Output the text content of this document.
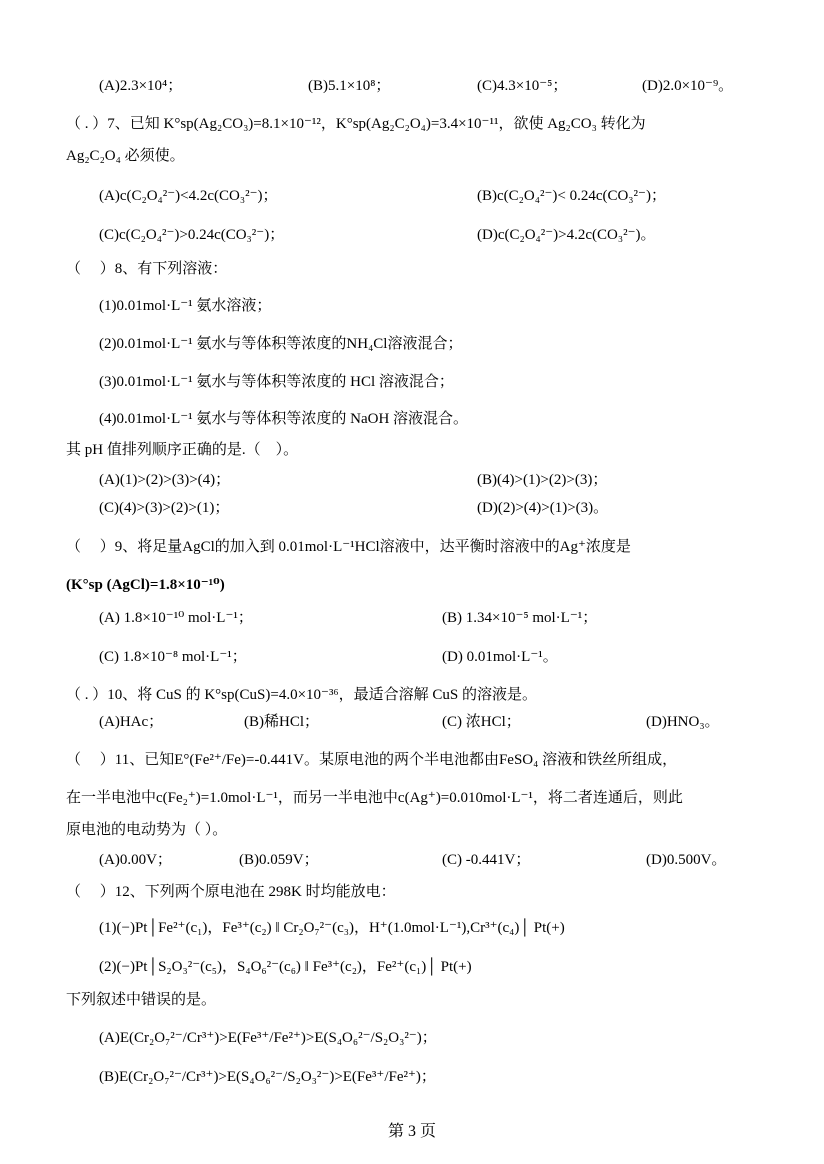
(A)2.3×10⁴；	(B)5.1×10⁸；	(C)4.3×10⁻⁵；	(D)2.0×10⁻⁹。
（ . ）7、已知 K°sp(Ag₂CO₃)=8.1×10⁻¹²，K°sp(Ag₂C₂O₄)=3.4×10⁻¹¹，欲使 Ag₂CO₃ 转化为
Ag₂C₂O₄ 必须使。
(A)c(C₂O₄²⁻)<4.2c(CO₃²⁻)；	(B)c(C₂O₄²⁻)< 0.24c(CO₃²⁻)；
(C)c(C₂O₄²⁻)>0.24c(CO₃²⁻)；	(D)c(C₂O₄²⁻)>4.2c(CO₃²⁻)。
（　 ）8、有下列溶液：
(1)0.01mol·L⁻¹ 氨水溶液；
(2)0.01mol·L⁻¹ 氨水与等体积等浓度的NH₄Cl溶液混合；
(3)0.01mol·L⁻¹ 氨水与等体积等浓度的 HCl 溶液混合；
(4)0.01mol·L⁻¹ 氨水与等体积等浓度的 NaOH 溶液混合。
其 pH 值排列顺序正确的是.（　）。
(A)(1)>(2)>(3)>(4)；	(B)(4)>(1)>(2)>(3)；
(C)(4)>(3)>(2)>(1)；	(D)(2)>(4)>(1)>(3)。
（　 ）9、将足量AgCl的加入到 0.01mol·L⁻¹HCl溶液中，达平衡时溶液中的Ag⁺浓度是
(K°sp (AgCl)=1.8×10⁻¹⁰)
(A) 1.8×10⁻¹⁰ mol·L⁻¹；	(B) 1.34×10⁻⁵ mol·L⁻¹；
(C) 1.8×10⁻⁸ mol·L⁻¹；	(D) 0.01mol·L⁻¹。
（ . ）10、将 CuS 的 K°sp(CuS)=4.0×10⁻³⁶，最适合溶解 CuS 的溶液是。
(A)HAc；	(B)稀HCl；	(C) 浓HCl；	(D)HNO₃。
（　 ）11、已知E°(Fe²⁺/Fe)=-0.441V。某原电池的两个半电池都由FeSO₄ 溶液和铁丝所组成，
在一半电池中c(Fe₂⁺)=1.0mol·L⁻¹，而另一半电池中c(Ag⁺)=0.010mol·L⁻¹，将二者连通后，则此
原电池的电动势为（ ）。
(A)0.00V；	(B)0.059V；	(C) -0.441V；	(D)0.500V。
（　 ）12、下列两个原电池在 298K 时均能放电：
(1)(−)Pt│Fe²⁺(c₁)，Fe³⁺(c₂) ‖ Cr₂O₇²⁻(c₃)，H⁺(1.0mol·L⁻¹),Cr³⁺(c₄)│ Pt(+)
(2)(−)Pt│S₂O₃²⁻(c₅)，S₄O₆²⁻(c₆) ‖ Fe³⁺(c₂)，Fe²⁺(c₁)│ Pt(+)
下列叙述中错误的是。
(A)E(Cr₂O₇²⁻/Cr³⁺)>E(Fe³⁺/Fe²⁺)>E(S₄O₆²⁻/S₂O₃²⁻)；
(B)E(Cr₂O₇²⁻/Cr³⁺)>E(S₄O₆²⁻/S₂O₃²⁻)>E(Fe³⁺/Fe²⁺)；
第 3 页
